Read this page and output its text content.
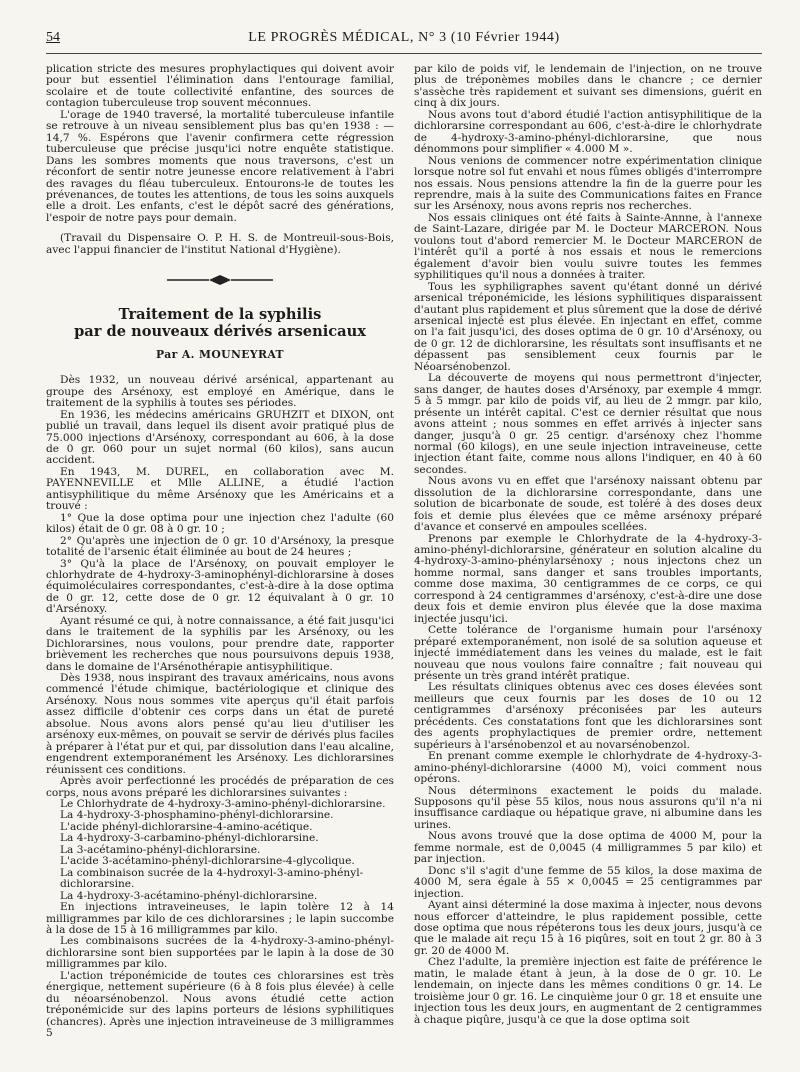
54	LE PROGRÈS MÉDICAL, N° 3 (10 Février 1944)

plication stricte des mesures prophylactiques qui doivent avoir pour but essentiel l'élimination dans l'entourage familial, scolaire et de toute collectivité enfantine, des sources de contagion tuberculeuse trop souvent méconnues.

L'orage de 1940 traversé, la mortalité tuberculeuse infantile se retrouve à un niveau sensiblement plus bas qu'en 1938 : —14,7 %. Espérons que l'avenir confirmera cette régression tuberculeuse que précise jusqu'ici notre enquête statistique. Dans les sombres moments que nous traversons, c'est un réconfort de sentir notre jeunesse encore relativement à l'abri des ravages du fléau tuberculeux. Entourons-le de toutes les prévenances, de toutes les attentions, de tous les soins auxquels elle a droit. Les enfants, c'est le dépôt sacré des générations, l'espoir de notre pays pour demain.

(Travail du Dispensaire O. P. H. S. de Montreuil-sous-Bois, avec l'appui financier de l'institut National d'Hygiène).

Traitement de la syphilis
par de nouveaux dérivés arsenicaux
Par A. MOUNEYRAT

Dès 1932, un nouveau dérivé arsénical, appartenant au groupe des Arsénoxy, est employé en Amérique, dans le traitement de la syphilis à toutes ses périodes.

En 1936, les médecins américains GRUHZIT et DIXON, ont publié un travail, dans lequel ils disent avoir pratiqué plus de 75.000 injections d'Arsénoxy, correspondant au 606, à la dose de 0 gr. 060 pour un sujet normal (60 kilos), sans aucun accident.

En 1943, M. DUREL, en collaboration avec M. PAYENNEVILLE et Mlle ALLINE, a étudié l'action antisyphilitique du même Arsénoxy que les Américains et a trouvé :

1° Que la dose optima pour une injection chez l'adulte (60 kilos) était de 0 gr. 08 à 0 gr. 10 ;

2° Qu'après une injection de 0 gr. 10 d'Arsénoxy, la presque totalité de l'arsenic était éliminée au bout de 24 heures ;

3° Qu'à la place de l'Arsénoxy, on pouvait employer le chlorhydrate de 4-hydroxy-3-aminophényl-dichlorarsine à doses équimoléculaires correspondantes, c'est-à-dire à la dose optima de 0 gr. 12, cette dose de 0 gr. 12 équivalant à 0 gr. 10 d'Arsénoxy.

Ayant résumé ce qui, à notre connaissance, a été fait jusqu'ici dans le traitement de la syphilis par les Arsénoxy, ou les Dichlorarsines, nous voulons, pour prendre date, rapporter brièvement les recherches que nous poursuivons depuis 1938, dans le domaine de l'Arsénothérapie antisyphilitique.

Dès 1938, nous inspirant des travaux américains, nous avons commencé l'étude chimique, bactériologique et clinique des Arsénoxy. Nous nous sommes vite aperçus qu'il était parfois assez difficile d'obtenir ces corps dans un état de pureté absolue. Nous avons alors pensé qu'au lieu d'utiliser les arsénoxy eux-mêmes, on pouvait se servir de dérivés plus faciles à préparer à l'état pur et qui, par dissolution dans l'eau alcaline, engendrent extemporanément les Arsénoxy. Les dichlorarsines réunissent ces conditions.

Après avoir perfectionné les procédés de préparation de ces corps, nous avons préparé les dichlorarsines suivantes :

Le Chlorhydrate de 4-hydroxy-3-amino-phényl-dichlorarsine.

La 4-hydroxy-3-phosphamino-phényl-dichlorarsine.
L'acide phényl-dichlorarsine-4-amino-acétique.
La 4-hydroxy-3-carbamino-phényl-dichlorarsine.
La 3-acétamino-phényl-dichlorarsine.
L'acide 3-acétamino-phényl-dichlorarsine-4-glycolique.
La combinaison sucrée de la 4-hydroxyl-3-amino-phényl-dichlorarsine.
La 4-hydroxy-3-acétamino-phényl-dichlorarsine.

En injections intraveineuses, le lapin tolère 12 à 14 milligrammes par kilo de ces dichlorarsines ; le lapin succombe à la dose de 15 à 16 milligrammes par kilo.

Les combinaisons sucrées de la 4-hydroxy-3-amino-phényl-dichlorarsine sont bien supportées par le lapin à la dose de 30 milligrammes par kilo.

L'action tréponémicide de toutes ces chlorarsines est très énergique, nettement supérieure (6 à 8 fois plus élevée) à celle du néoarsénobenzol. Nous avons étudié cette action tréponémicide sur des lapins porteurs de lésions syphilitiques (chancres). Après une injection intraveineuse de 3 milligrammes 5

par kilo de poids vif, le lendemain de l'injection, on ne trouve plus de tréponèmes mobiles dans le chancre ; ce dernier s'assèche très rapidement et suivant ses dimensions, guérit en cinq à dix jours.

Nous avons tout d'abord étudié l'action antisyphilitique de la dichlorarsine correspondant au 606, c'est-à-dire le chlorhydrate de 4-hydroxy-3-amino-phényl-dichlorarsine, que nous dénommons pour simplifier « 4.000 M ».

Nous venions de commencer notre expérimentation clinique lorsque notre sol fut envahi et nous fûmes obligés d'interrompre nos essais. Nous pensions attendre la fin de la guerre pour les reprendre, mais à la suite des Communications faites en France sur les Arsénoxy, nous avons repris nos recherches.

Nos essais cliniques ont été faits à Sainte-Annne, à l'annexe de Saint-Lazare, dirigée par M. le Docteur MARCERON. Nous voulons tout d'abord remercier M. le Docteur MARCERON de l'intérêt qu'il a porté à nos essais et nous le remercions également d'avoir bien voulu suivre toutes les femmes syphilitiques qu'il nous a données à traiter.

Tous les syphiligraphes savent qu'étant donné un dérivé arsenical tréponémicide, les lésions syphilitiques disparaissent d'autant plus rapidement et plus sûrement que la dose de dérivé arsenical injecté est plus élevée. En injectant en effet, comme on l'a fait jusqu'ici, des doses optima de 0 gr. 10 d'Arsénoxy, ou de 0 gr. 12 de dichlorarsine, les résultats sont insuffisants et ne dépassent pas sensiblement ceux fournis par le Néoarsénobenzol.

La découverte de moyens qui nous permettront d'injecter, sans danger, de hautes doses d'Arsénoxy, par exemple 4 mmgr. 5 à 5 mmgr. par kilo de poids vif, au lieu de 2 mmgr. par kilo, présente un intérêt capital. C'est ce dernier résultat que nous avons atteint ; nous sommes en effet arrivés à injecter sans danger, jusqu'à 0 gr. 25 centigr. d'arsénoxy chez l'homme normal (60 kilogs), en une seule injection intraveineuse, cette injection étant faite, comme nous allons l'indiquer, en 40 à 60 secondes.

Nous avons vu en effet que l'arsénoxy naissant obtenu par dissolution de la dichlorarsine correspondante, dans une solution de bicarbonate de soude, est toléré à des doses deux fois et demie plus élevées que ce même arsénoxy préparé d'avance et conservé en ampoules scellées.

Prenons par exemple le Chlorhydrate de la 4-hydroxy-3-amino-phényl-dichlorarsine, générateur en solution alcaline du 4-hydroxy-3-amino-phénylarsénoxy ; nous injectons chez un homme normal, sans danger et sans troubles importants, comme dose maxima, 30 centigrammes de ce corps, ce qui correspond à 24 centigrammes d'arsénoxy, c'est-à-dire une dose deux fois et demie environ plus élevée que la dose maxima injectée jusqu'ici.

Cette tolérance de l'organisme humain pour l'arsénoxy préparé extemporanément, non isolé de sa solution aqueuse et injecté immédiatement dans les veines du malade, est le fait nouveau que nous voulons faire connaître ; fait nouveau qui présente un très grand intérêt pratique.

Les résultats cliniques obtenus avec ces doses élevées sont meilleurs que ceux fournis par les doses de 10 ou 12 centigrammes d'arsénoxy préconisées par les auteurs précédents. Ces constatations font que les dichlorarsines sont des agents prophylactiques de premier ordre, nettement supérieurs à l'arsénobenzol et au novarsénobenzol.

En prenant comme exemple le chlorhydrate de 4-hydroxy-3-amino-phényl-dichlorarsine (4000 M), voici comment nous opérons.

Nous déterminons exactement le poids du malade. Supposons qu'il pèse 55 kilos, nous nous assurons qu'il n'a ni insuffisance cardiaque ou hépatique grave, ni albumine dans les urines.

Nous avons trouvé que la dose optima de 4000 M, pour la femme normale, est de 0,0045 (4 milligrammes 5 par kilo) et par injection.

Donc s'il s'agit d'une femme de 55 kilos, la dose maxima de 4000 M, sera égale à 55 × 0,0045 = 25 centigrammes par injection.

Ayant ainsi déterminé la dose maxima à injecter, nous devons nous efforcer d'atteindre, le plus rapidement possible, cette dose optima que nous répéterons tous les deux jours, jusqu'à ce que le malade ait reçu 15 à 16 piqûres, soit en tout 2 gr. 80 à 3 gr. 20 de 4000 M.

Chez l'adulte, la première injection est faite de préférence le matin, le malade étant à jeun, à la dose de 0 gr. 10. Le lendemain, on injecte dans les mêmes conditions 0 gr. 14. Le troisième jour 0 gr. 16. Le cinquième jour 0 gr. 18 et ensuite une injection tous les deux jours, en augmentant de 2 centigrammes à chaque piqûre, jusqu'à ce que la dose optima soit
